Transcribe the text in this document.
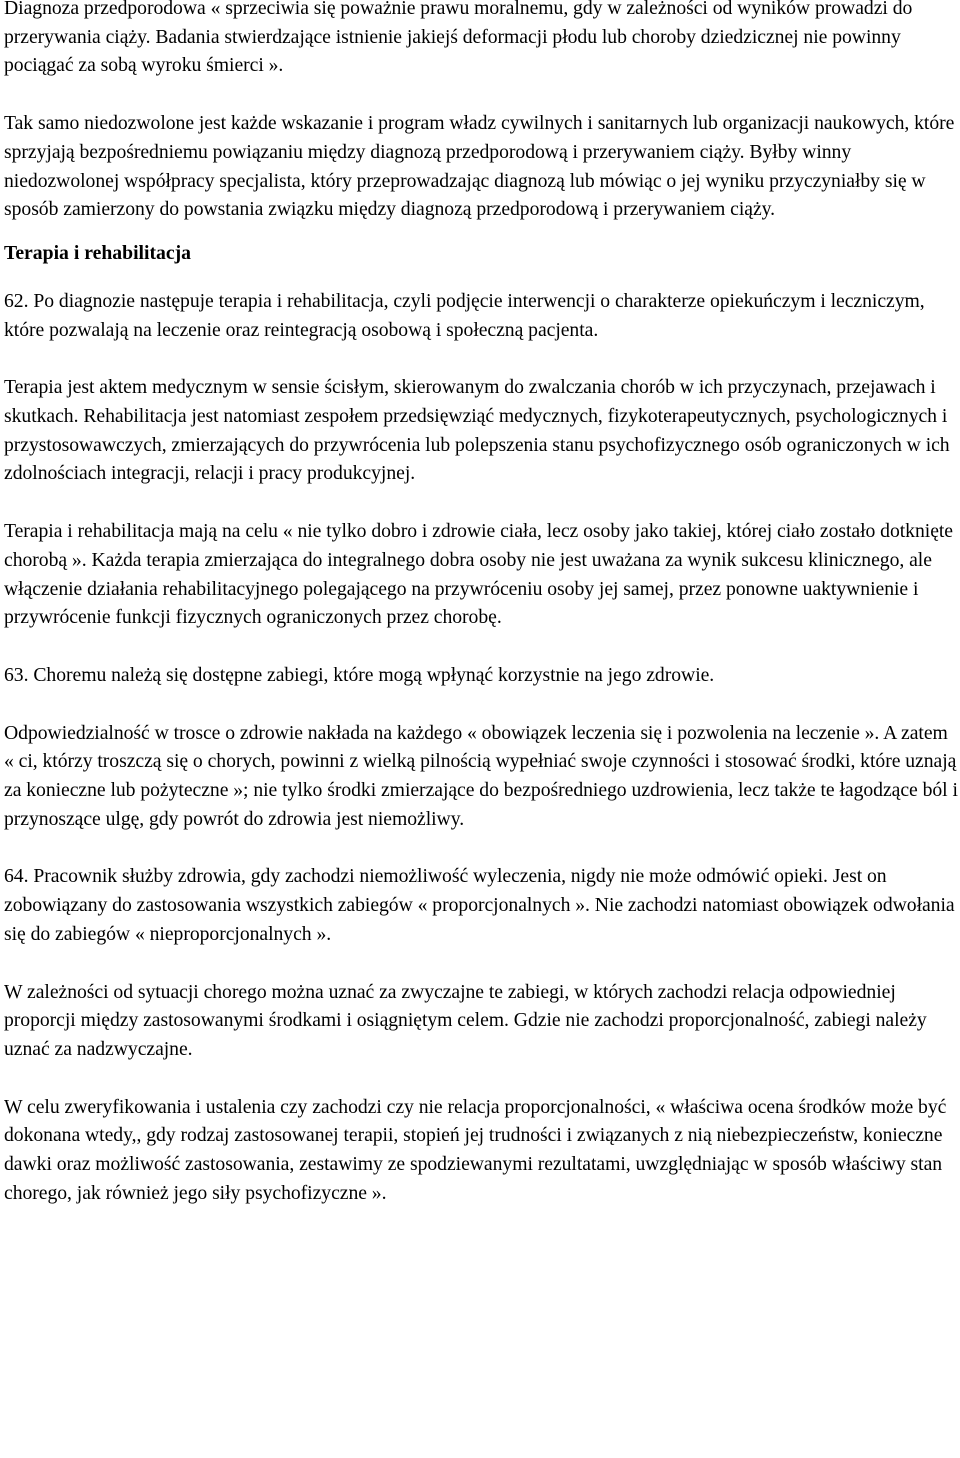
Diagnoza przedporodowa « sprzeciwia się poważnie prawu moralnemu, gdy w zależności od wyników prowadzi do przerywania ciąży. Badania stwierdzające istnienie jakiejś deformacji płodu lub choroby dziedzicznej nie powinny pociągać za sobą wyroku śmierci ».

Tak samo niedozwolone jest każde wskazanie i program władz cywilnych i sanitarnych lub organizacji naukowych, które sprzyjają bezpośredniemu powiązaniu między diagnozą przedporodową i przerywaniem ciąży. Byłby winny niedozwolonej współpracy specjalista, który przeprowadzając diagnozą lub mówiąc o jej wyniku przyczyniałby się w sposób zamierzony do powstania związku między diagnozą przedporodową i przerywaniem ciąży.

Terapia i rehabilitacja

62. Po diagnozie następuje terapia i rehabilitacja, czyli podjęcie interwencji o charakterze opiekuńczym i leczniczym, które pozwalają na leczenie oraz reintegracją osobową i społeczną pacjenta.

Terapia jest aktem medycznym w sensie ścisłym, skierowanym do zwalczania chorób w ich przyczynach, przejawach i skutkach. Rehabilitacja jest natomiast zespołem przedsięwziąć medycznych, fizykoterapeutycznych, psychologicznych i przystosowawczych, zmierzających do przywrócenia lub polepszenia stanu psychofizycznego osób ograniczonych w ich zdolnościach integracji, relacji i pracy produkcyjnej.

Terapia i rehabilitacja mają na celu « nie tylko dobro i zdrowie ciała, lecz osoby jako takiej, której ciało zostało dotknięte chorobą ». Każda terapia zmierzająca do integralnego dobra osoby nie jest uważana za wynik sukcesu klinicznego, ale włączenie działania rehabilitacyjnego polegającego na przywróceniu osoby jej samej, przez ponowne uaktywnienie i przywrócenie funkcji fizycznych ograniczonych przez chorobę.

63. Choremu należą się dostępne zabiegi, które mogą wpłynąć korzystnie na jego zdrowie.

Odpowiedzialność w trosce o zdrowie nakłada na każdego « obowiązek leczenia się i pozwolenia na leczenie ». A zatem « ci, którzy troszczą się o chorych, powinni z wielką pilnością wypełniać swoje czynności i stosować środki, które uznają za konieczne lub pożyteczne »; nie tylko środki zmierzające do bezpośredniego uzdrowienia, lecz także te łagodzące ból i przynoszące ulgę, gdy powrót do zdrowia jest niemożliwy.

64. Pracownik służby zdrowia, gdy zachodzi niemożliwość wyleczenia, nigdy nie może odmówić opieki. Jest on zobowiązany do zastosowania wszystkich zabiegów « proporcjonalnych ». Nie zachodzi natomiast obowiązek odwołania się do zabiegów « nieproporcjonalnych ».

W zależności od sytuacji chorego można uznać za zwyczajne te zabiegi, w których zachodzi relacja odpowiedniej proporcji między zastosowanymi środkami i osiągniętym celem. Gdzie nie zachodzi proporcjonalność, zabiegi należy uznać za nadzwyczajne.

W celu zweryfikowania i ustalenia czy zachodzi czy nie relacja proporcjonalności, « właściwa ocena środków może być dokonana wtedy,, gdy rodzaj zastosowanej terapii, stopień jej trudności i związanych z nią niebezpieczeństw, konieczne dawki oraz możliwość zastosowania, zestawimy ze spodziewanymi rezultatami, uwzględniając w sposób właściwy stan chorego, jak również jego siły psychofizyczne ».
